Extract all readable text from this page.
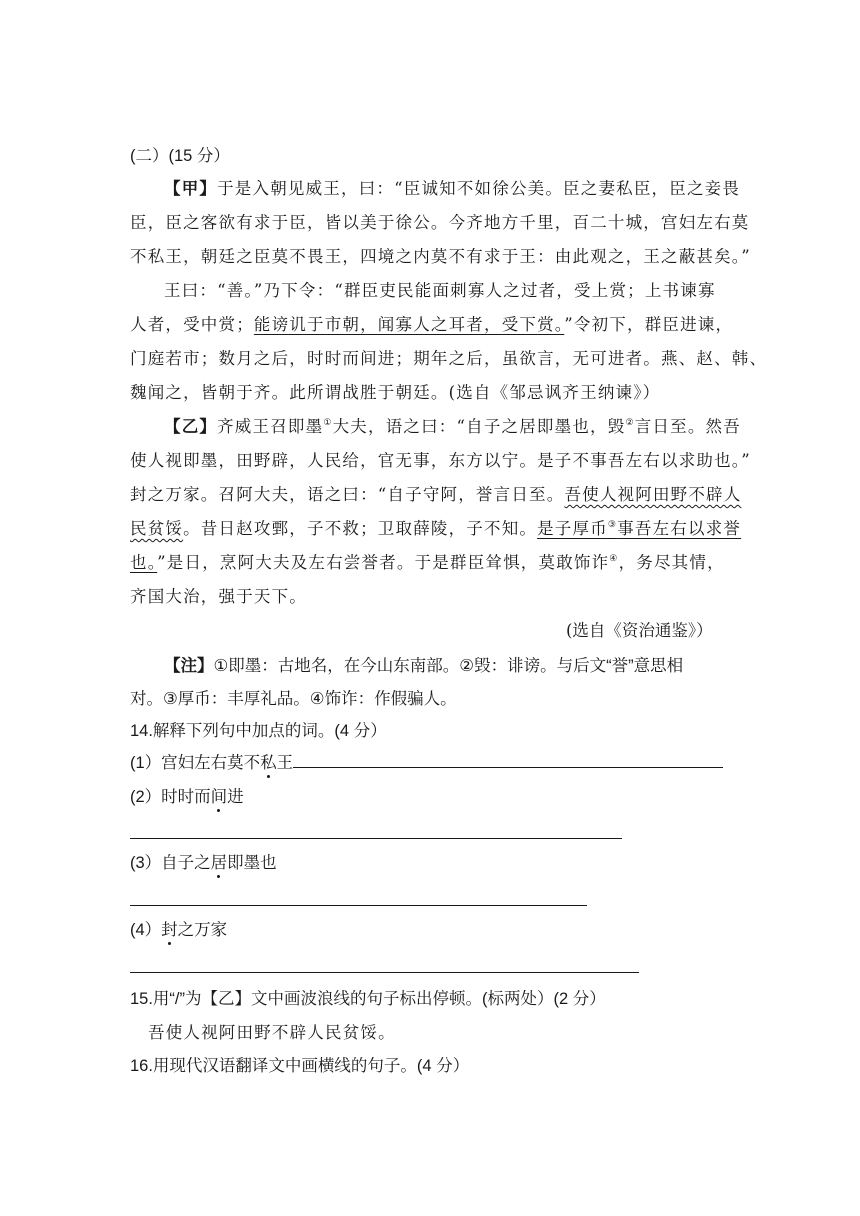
(二）(15 分）
【甲】于是入朝见威王，曰：“臣诚知不如徐公美。臣之妻私臣，臣之妾畏
臣，臣之客欲有求于臣，皆以美于徐公。今齐地方千里，百二十城，宫妇左右莫
不私王，朝廷之臣莫不畏王，四境之内莫不有求于王：由此观之，王之蔽甚矣。”
王曰：“善。”乃下令：“群臣吏民能面刺寡人之过者，受上赏；上书谏寡
人者，受中赏；能谤讥于市朝，闻寡人之耳者，受下赏。”令初下，群臣进谏，
门庭若市；数月之后，时时而间进；期年之后，虽欲言，无可进者。燕、赵、韩、
魏闻之，皆朝于齐。此所谓战胜于朝廷。(选自《邹忌讽齐王纳谏》）
【乙】齐威王召即墨①大夫，语之曰：“自子之居即墨也，毁②言日至。然吾
使人视即墨，田野辟，人民给，官无事，东方以宁。是子不事吾左右以求助也。”
封之万家。召阿大夫，语之曰：“自子守阿，誉言日至。吾使人视阿田野不辟人
民贫馁。昔日赵攻鄄，子不救；卫取薛陵，子不知。是子厚币③事吾左右以求誉
也。”是日，烹阿大夫及左右尝誉者。于是群臣耸惧，莫敢饰诈④，务尽其情，
齐国大治，强于天下。
(选自《资治通鉴》）
【注】①即墨：古地名，在今山东南部。②毁：诽谤。与后文“誉”意思相
对。③厚币：丰厚礼品。④饰诈：作假骗人。
14.解释下列句中加点的词。(4 分）
(1）宫妇左右莫不私王
(2）时时而间进
(3）自子之居即墨也
(4）封之万家
15.用“/”为【乙】文中画波浪线的句子标出停顿。(标两处）(2 分）
吾使人视阿田野不辟人民贫馁。
16.用现代汉语翻译文中画横线的句子。(4 分）
